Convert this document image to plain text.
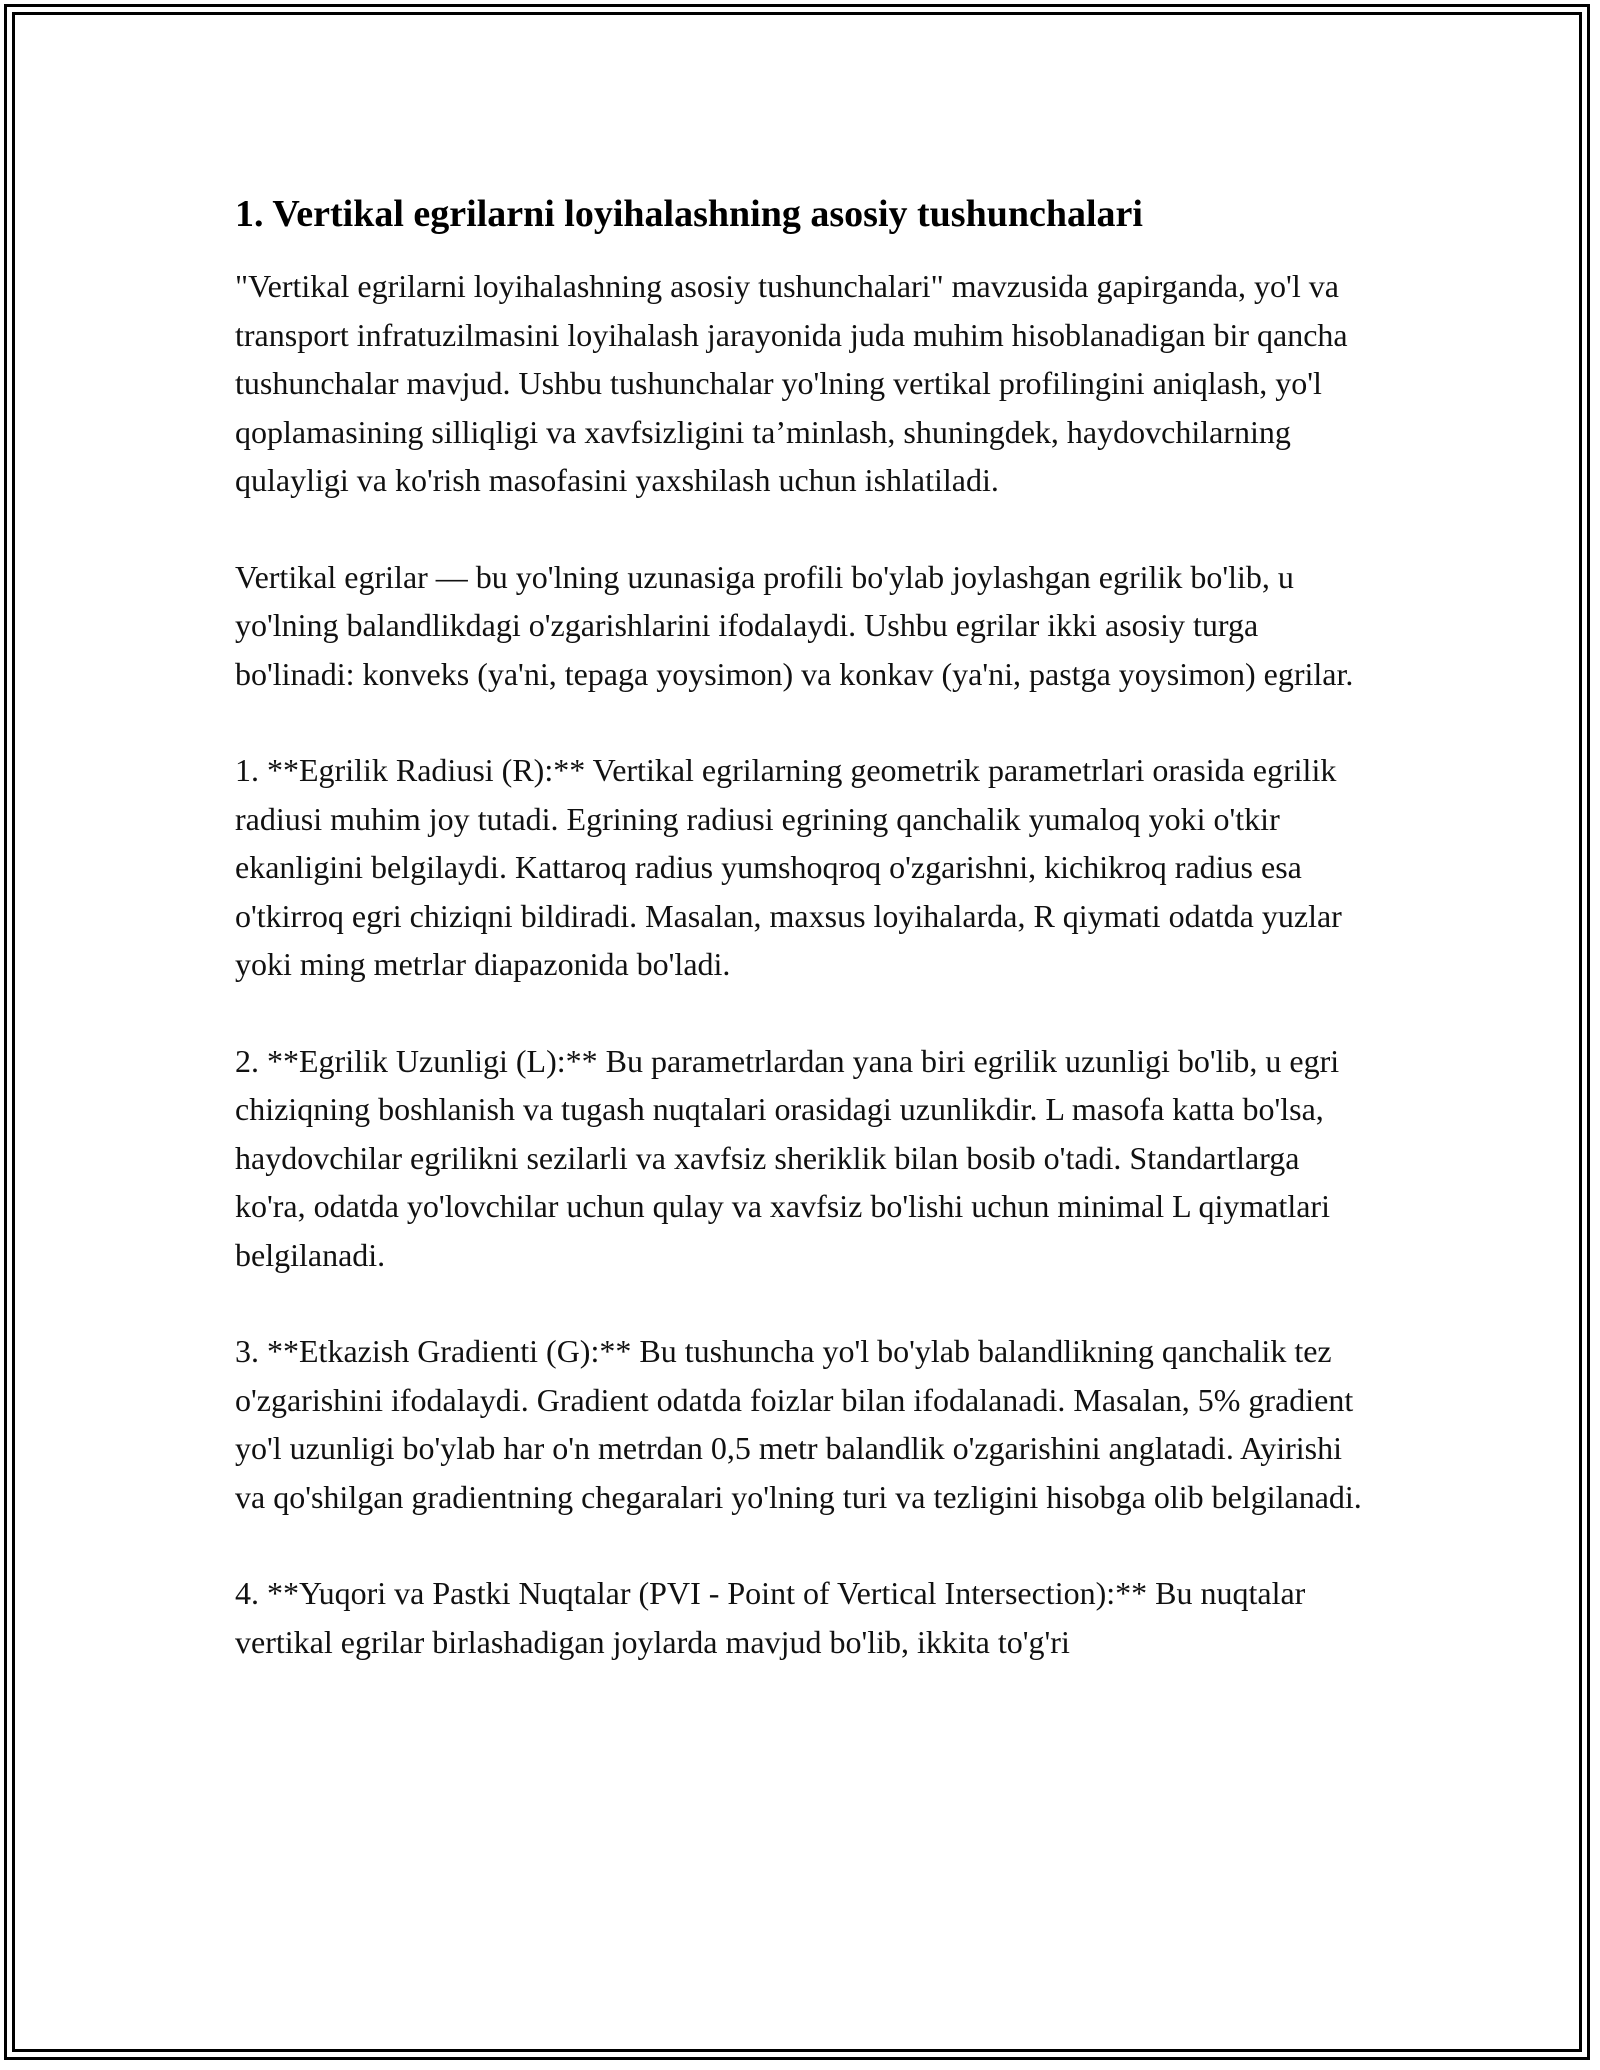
1. Vertikal egrilarni loyihalashning asosiy tushunchalari

"Vertikal egrilarni loyihalashning asosiy tushunchalari" mavzusida gapirganda, yo'l va transport infratuzilmasini loyihalash jarayonida juda muhim hisoblanadigan bir qancha tushunchalar mavjud. Ushbu tushunchalar yo'lning vertikal profilingini aniqlash, yo'l qoplamasining silliqligi va xavfsizligini ta’minlash, shuningdek, haydovchilarning qulayligi va ko'rish masofasini yaxshilash uchun ishlatiladi.

Vertikal egrilar — bu yo'lning uzunasiga profili bo'ylab joylashgan egrilik bo'lib, u yo'lning balandlikdagi o'zgarishlarini ifodalaydi. Ushbu egrilar ikki asosiy turga bo'linadi: konveks (ya'ni, tepaga yoysimon) va konkav (ya'ni, pastga yoysimon) egrilar.

1. **Egrilik Radiusi (R):** Vertikal egrilarning geometrik parametrlari orasida egrilik radiusi muhim joy tutadi. Egrining radiusi egrining qanchalik yumaloq yoki o'tkir ekanligini belgilaydi. Kattaroq radius yumshoqroq o'zgarishni, kichikroq radius esa o'tkirroq egri chiziqni bildiradi. Masalan, maxsus loyihalarda, R qiymati odatda yuzlar yoki ming metrlar diapazonida bo'ladi.

2. **Egrilik Uzunligi (L):** Bu parametrlardan yana biri egrilik uzunligi bo'lib, u egri chiziqning boshlanish va tugash nuqtalari orasidagi uzunlikdir. L masofa katta bo'lsa, haydovchilar egrilikni sezilarli va xavfsiz sheriklik bilan bosib o'tadi. Standartlarga ko'ra, odatda yo'lovchilar uchun qulay va xavfsiz bo'lishi uchun minimal L qiymatlari belgilanadi.

3. **Etkazish Gradienti (G):** Bu tushuncha yo'l bo'ylab balandlikning qanchalik tez o'zgarishini ifodalaydi. Gradient odatda foizlar bilan ifodalanadi. Masalan, 5% gradient yo'l uzunligi bo'ylab har o'n metrdan 0,5 metr balandlik o'zgarishini anglatadi. Ayirishi va qo'shilgan gradientning chegaralari yo'lning turi va tezligini hisobga olib belgilanadi.

4. **Yuqori va Pastki Nuqtalar (PVI - Point of Vertical Intersection):** Bu nuqtalar vertikal egrilar birlashadigan joylarda mavjud bo'lib, ikkita to'g'ri
